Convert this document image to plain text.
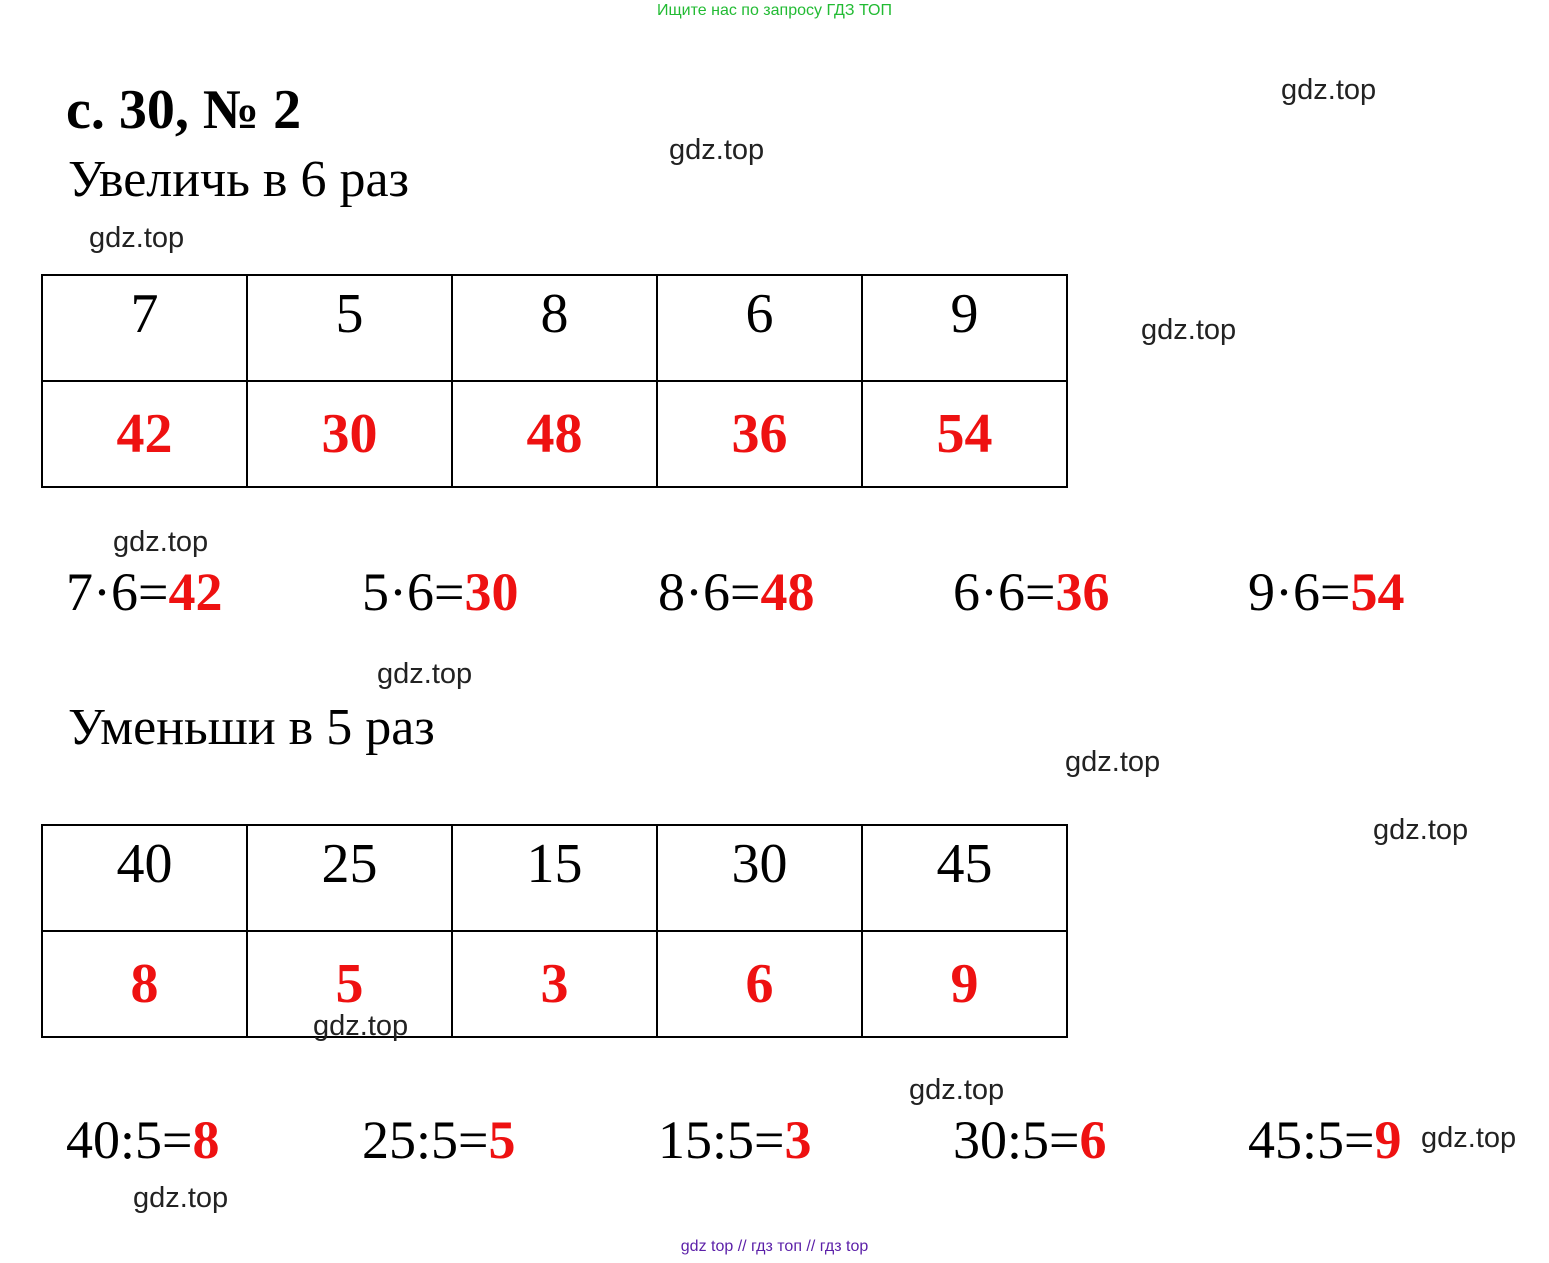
Ищите нас по запросу ГДЗ ТОП
с. 30, № 2
Увеличь в 6 раз
7	5	8	6	9
42	30	48	36	54
7·6=42	5·6=30	8·6=48	6·6=36	9·6=54
Уменьши в 5 раз
40	25	15	30	45
8	5	3	6	9
40:5=8	25:5=5	15:5=3	30:5=6	45:5=9
gdz.top
gdz.top
gdz.top
gdz.top
gdz.top
gdz.top
gdz.top
gdz.top
gdz.top
gdz.top
gdz.top
gdz.top
gdz top // гдз топ // гдз top
